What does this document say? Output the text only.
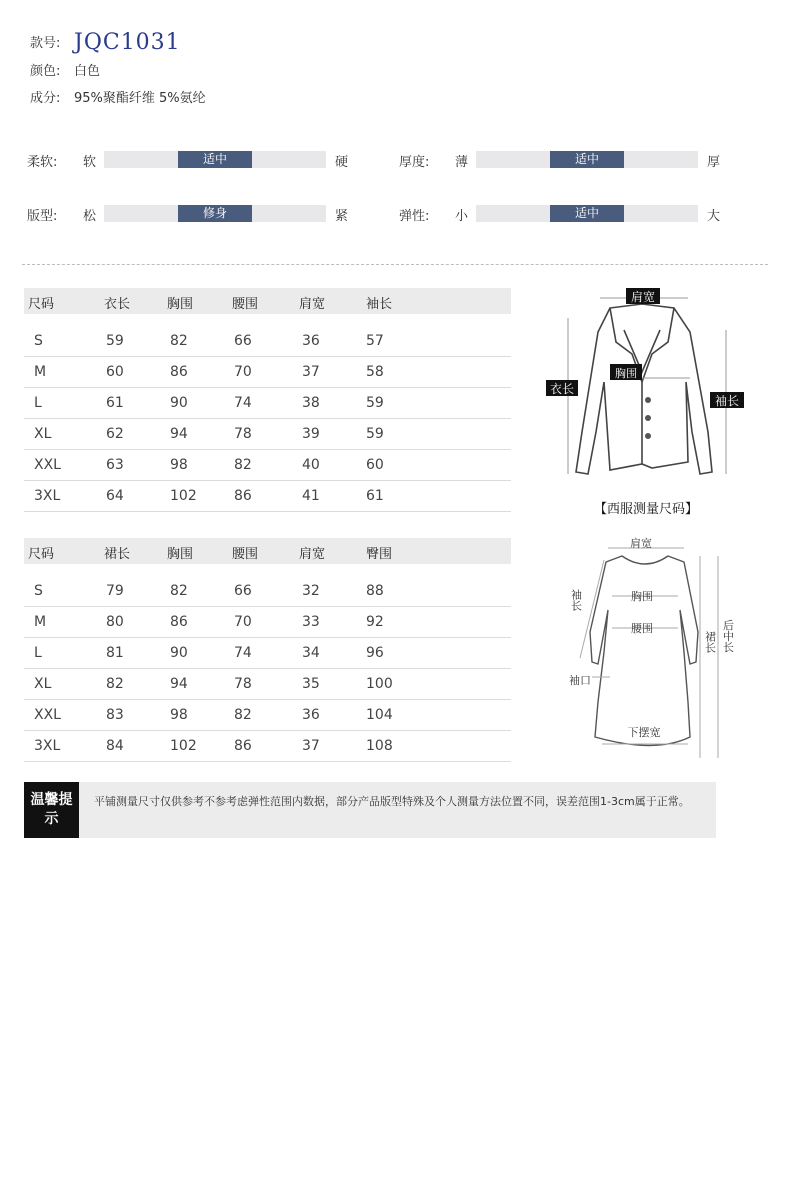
款号: JQC1031
颜色: 白色
成分: 95%聚酯纤维 5%氨纶
柔软: 软	适中	硬	厚度: 薄	适中	厚
版型: 松	修身	紧	弹性: 小	适中	大
尺码	衣长	胸围	腰围	肩宽	袖长
S	59	82	66	36	57
M	60	86	70	37	58
L	61	90	74	38	59
XL	62	94	78	39	59
XXL	63	98	82	40	60
3XL	64	102	86	41	61
尺码	裙长	胸围	腰围	肩宽	臀围
S	79	82	66	32	88
M	80	86	70	33	92
L	81	90	74	34	96
XL	82	94	78	35	100
XXL	83	98	82	36	104
3XL	84	102	86	37	108
肩宽
胸围
衣长
袖长
【西服测量尺码】
肩宽
胸围
腰围
袖长
袖口
裙长 后中长
下摆宽
温馨提示
平铺测量尺寸仅供参考不参考虑弹性范围内数据，部分产品版型特殊及个人测量方法位置不同，误差范围1-3cm属于正常。
